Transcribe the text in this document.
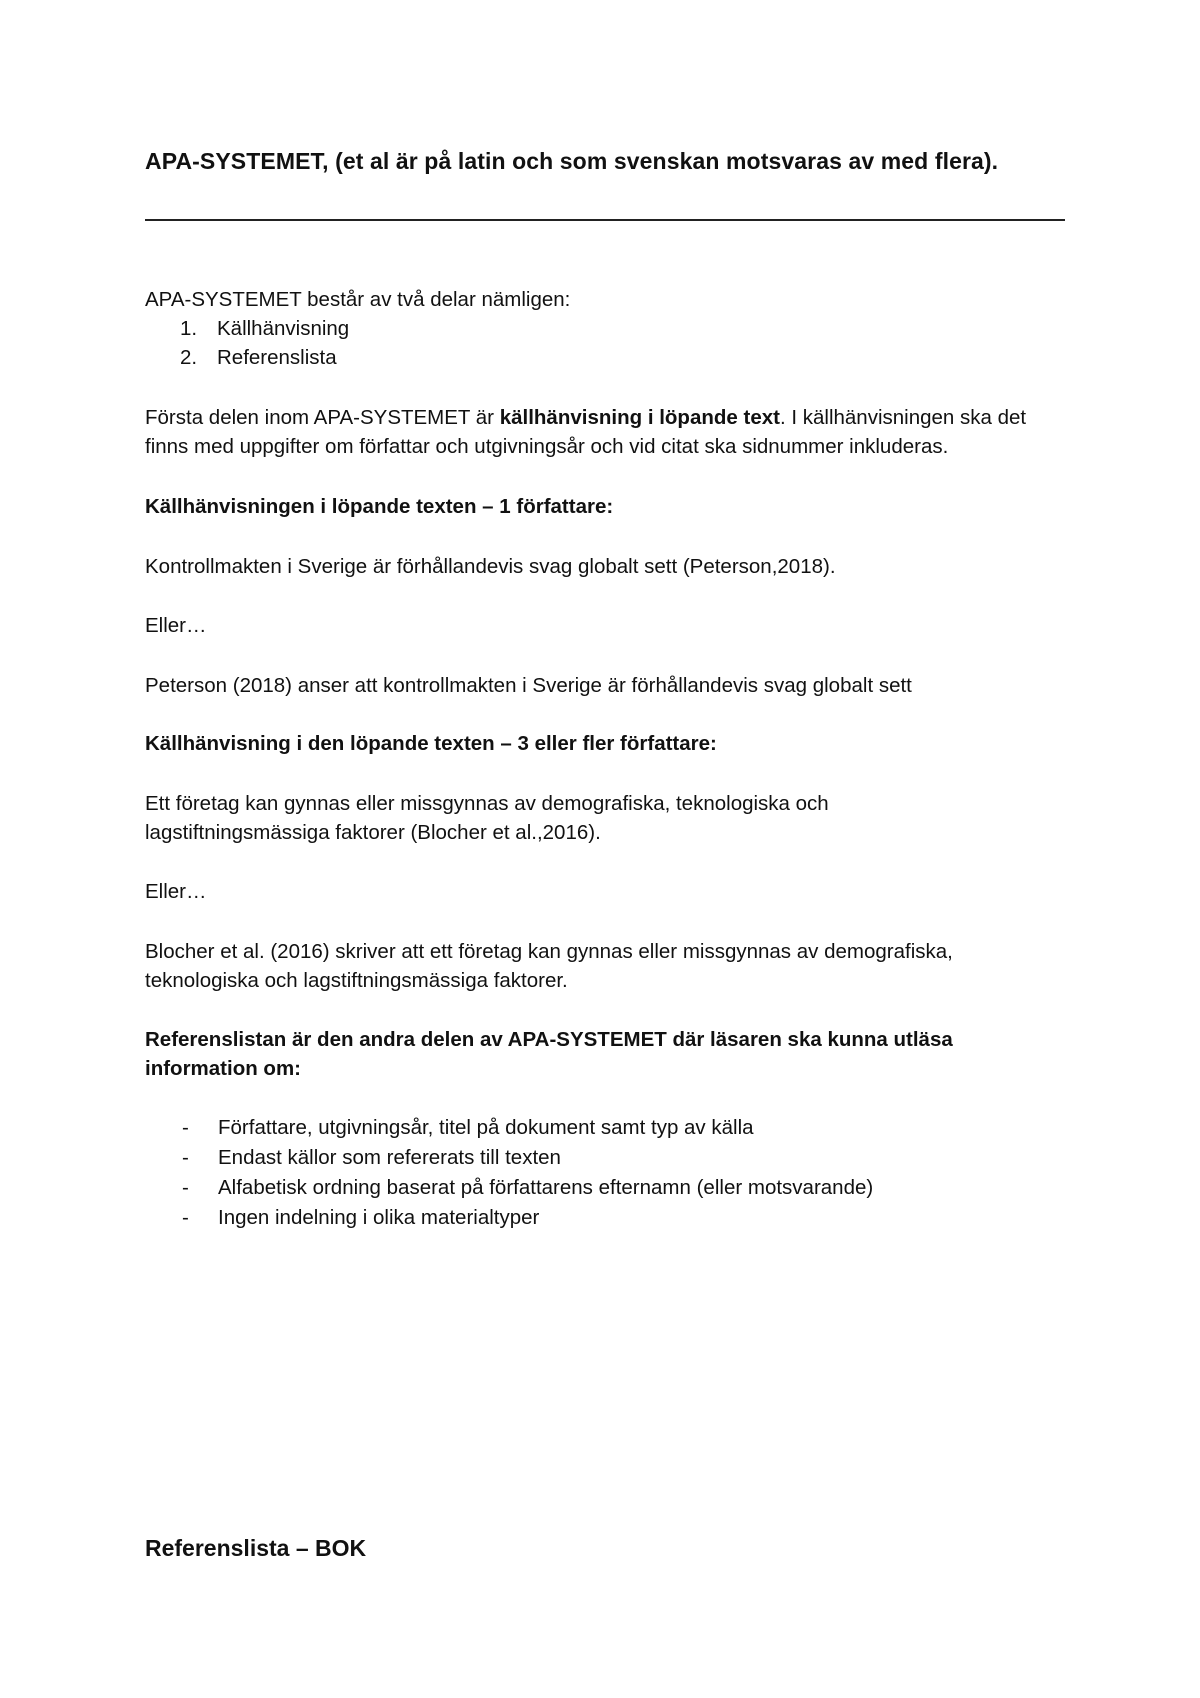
APA-SYSTEMET, (et al är på latin och som svenskan motsvaras av med flera).
APA-SYSTEMET består av två delar nämligen:
1. Källhänvisning
2. Referenslista
Första delen inom APA-SYSTEMET är källhänvisning i löpande text. I källhänvisningen ska det finns med uppgifter om författar och utgivningsår och vid citat ska sidnummer inkluderas.
Källhänvisningen i löpande texten – 1 författare:
Kontrollmakten i Sverige är förhållandevis svag globalt sett (Peterson,2018).
Eller…
Peterson (2018) anser att kontrollmakten i Sverige är förhållandevis svag globalt sett
Källhänvisning i den löpande texten – 3 eller fler författare:
Ett företag kan gynnas eller missgynnas av demografiska, teknologiska och lagstiftningsmässiga faktorer (Blocher et al.,2016).
Eller…
Blocher et al. (2016) skriver att ett företag kan gynnas eller missgynnas av demografiska, teknologiska och lagstiftningsmässiga faktorer.
Referenslistan är den andra delen av APA-SYSTEMET där läsaren ska kunna utläsa information om:
- Författare, utgivningsår, titel på dokument samt typ av källa
- Endast källor som refererats till texten
- Alfabetisk ordning baserat på författarens efternamn (eller motsvarande)
- Ingen indelning i olika materialtyper
Referenslista – BOK
